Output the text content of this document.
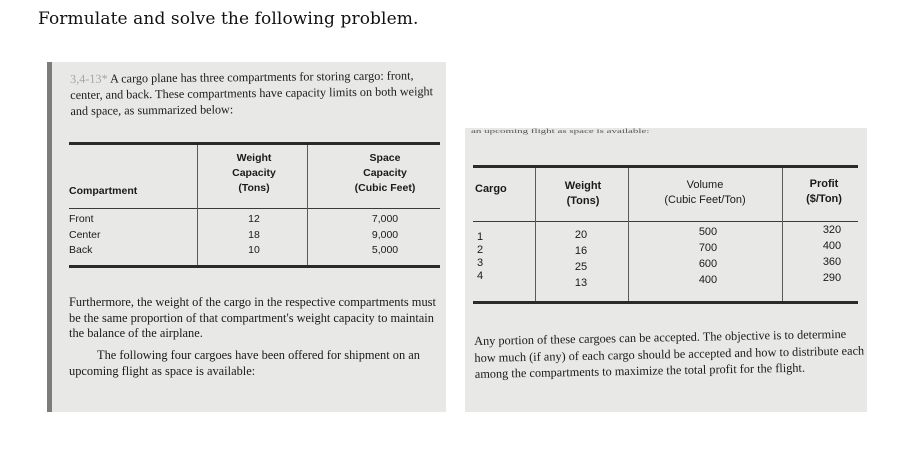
Formulate and solve the following problem.
3,4-13* A cargo plane has three compartments for storing cargo: front, center, and back. These compartments have capacity limits on both weight and space, as summarized below:
Compartment
Weight
Capacity
(Tons)
Space
Capacity
(Cubic Feet)
Front
Center
Back
12
18
10
7,000
9,000
5,000
Furthermore, the weight of the cargo in the respective compartments must be the same proportion of that compartment's weight capacity to maintain the balance of the airplane.
The following four cargoes have been offered for shipment on an upcoming flight as space is available:
an upcoming flight as space is available:
Cargo	Weight
(Tons)
Volume
(Cubic Feet/Ton)
Profit
($/Ton)
1
2
3
4
20
16
25
13
500
700
600
400
320
400
360
290
Any portion of these cargoes can be accepted. The objective is to determine how much (if any) of each cargo should be accepted and how to distribute each among the compartments to maximize the total profit for the flight.
